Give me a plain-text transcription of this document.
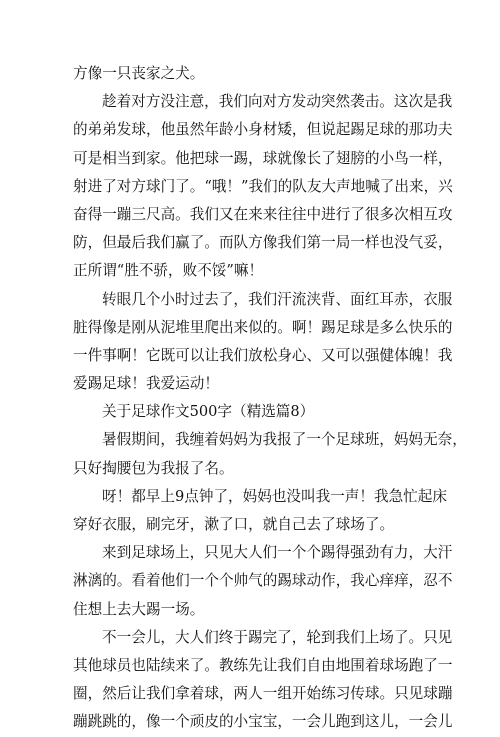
方像一只丧家之犬。
趁着对方没注意，我们向对方发动突然袭击。这次是我
的弟弟发球，他虽然年龄小身材矮，但说起踢足球的那功夫
可是相当到家。他把球一踢，球就像长了翅膀的小鸟一样，
射进了对方球门了。“哦！”我们的队友大声地喊了出来，兴
奋得一蹦三尺高。我们又在来来往往中进行了很多次相互攻
防，但最后我们赢了。而队方像我们第一局一样也没气妥，
正所谓“胜不骄，败不馁”嘛！
转眼几个小时过去了，我们汗流浃背、面红耳赤，衣服
脏得像是刚从泥堆里爬出来似的。啊！踢足球是多么快乐的
一件事啊！它既可以让我们放松身心、又可以强健体魄！我
爱踢足球！我爱运动！
关于足球作文500字（精选篇8）
暑假期间，我缠着妈妈为我报了一个足球班，妈妈无奈，
只好掏腰包为我报了名。
呀！都早上9点钟了，妈妈也没叫我一声！我急忙起床
穿好衣服，刷完牙，漱了口，就自己去了球场了。
来到足球场上，只见大人们一个个踢得强劲有力，大汗
淋漓的。看着他们一个个帅气的踢球动作，我心痒痒，忍不
住想上去大踢一场。
不一会儿，大人们终于踢完了，轮到我们上场了。只见
其他球员也陆续来了。教练先让我们自由地围着球场跑了一
圈，然后让我们拿着球，两人一组开始练习传球。只见球蹦
蹦跳跳的，像一个顽皮的小宝宝，一会儿跑到这儿，一会儿
